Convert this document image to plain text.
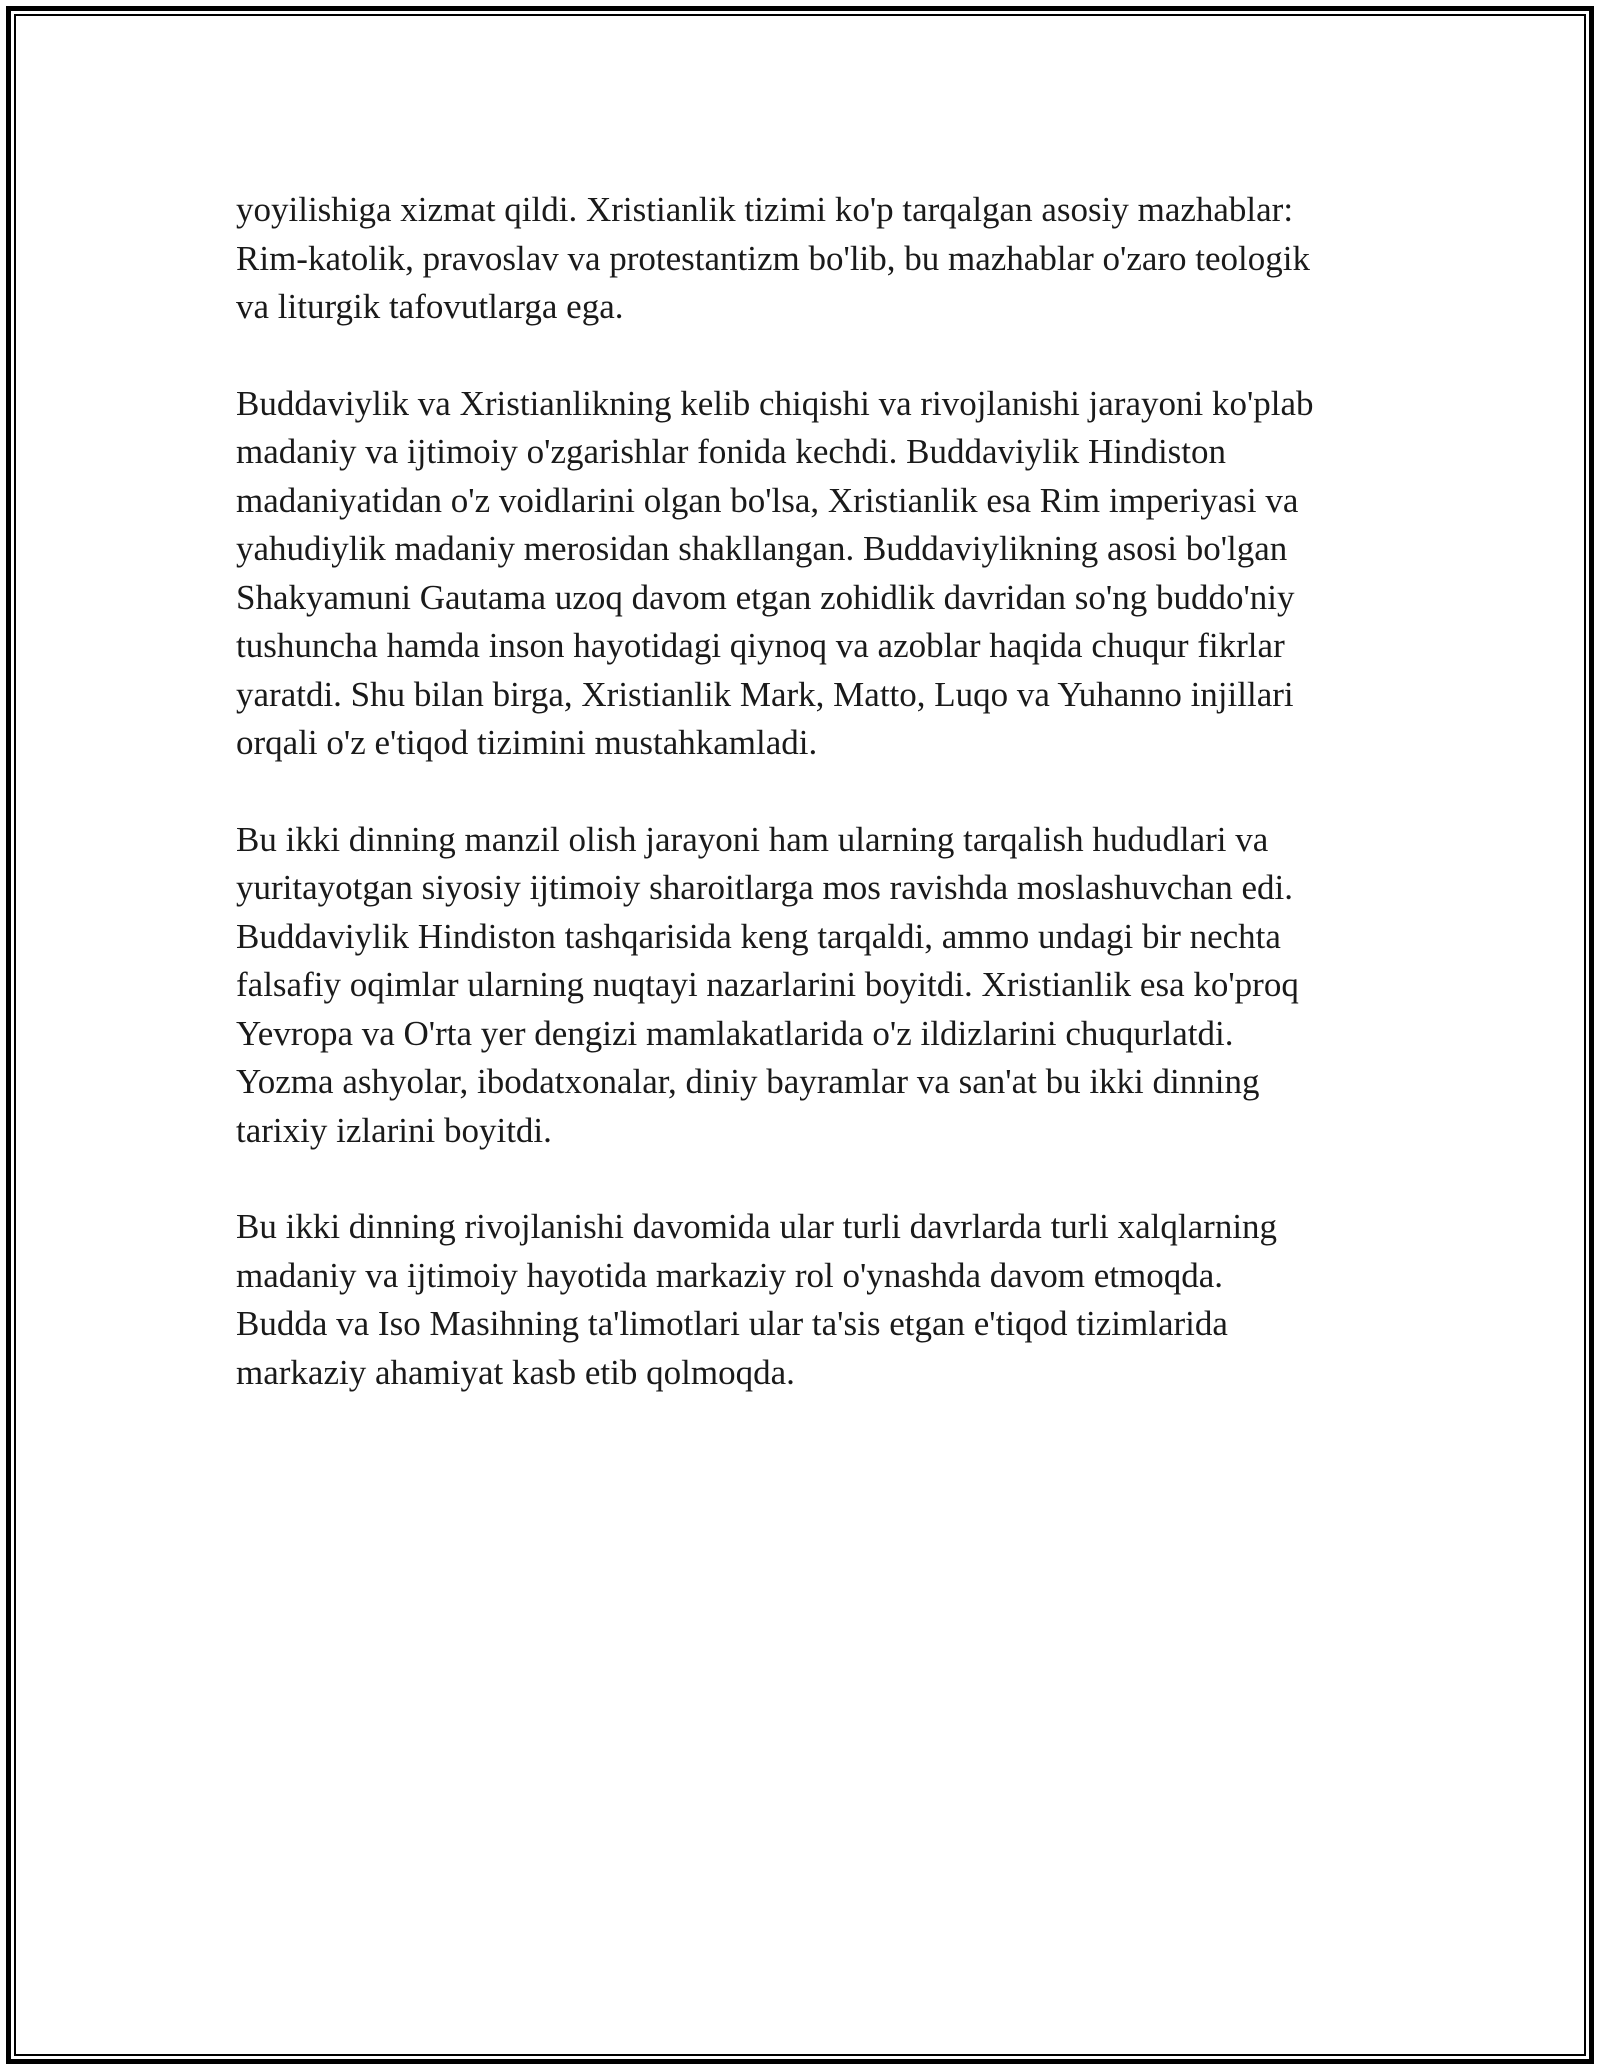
yoyilishiga xizmat qildi. Xristianlik tizimi ko'p tarqalgan asosiy mazhablar:
Rim-katolik, pravoslav va protestantizm bo'lib, bu mazhablar o'zaro teologik
va liturgik tafovutlarga ega.

Buddaviylik va Xristianlikning kelib chiqishi va rivojlanishi jarayoni ko'plab
madaniy va ijtimoiy o'zgarishlar fonida kechdi. Buddaviylik Hindiston
madaniyatidan o'z voidlarini olgan bo'lsa, Xristianlik esa Rim imperiyasi va
yahudiylik madaniy merosidan shakllangan. Buddaviylikning asosi bo'lgan
Shakyamuni Gautama uzoq davom etgan zohidlik davridan so'ng buddo'niy
tushuncha hamda inson hayotidagi qiynoq va azoblar haqida chuqur fikrlar
yaratdi. Shu bilan birga, Xristianlik Mark, Matto, Luqo va Yuhanno injillari
orqali o'z e'tiqod tizimini mustahkamladi.

Bu ikki dinning manzil olish jarayoni ham ularning tarqalish hududlari va
yuritayotgan siyosiy ijtimoiy sharoitlarga mos ravishda moslashuvchan edi.
Buddaviylik Hindiston tashqarisida keng tarqaldi, ammo undagi bir nechta
falsafiy oqimlar ularning nuqtayi nazarlarini boyitdi. Xristianlik esa ko'proq
Yevropa va O'rta yer dengizi mamlakatlarida o'z ildizlarini chuqurlatdi.
Yozma ashyolar, ibodatxonalar, diniy bayramlar va san'at bu ikki dinning
tarixiy izlarini boyitdi.

Bu ikki dinning rivojlanishi davomida ular turli davrlarda turli xalqlarning
madaniy va ijtimoiy hayotida markaziy rol o'ynashda davom etmoqda.
Budda va Iso Masihning ta'limotlari ular ta'sis etgan e'tiqod tizimlarida
markaziy ahamiyat kasb etib qolmoqda.
